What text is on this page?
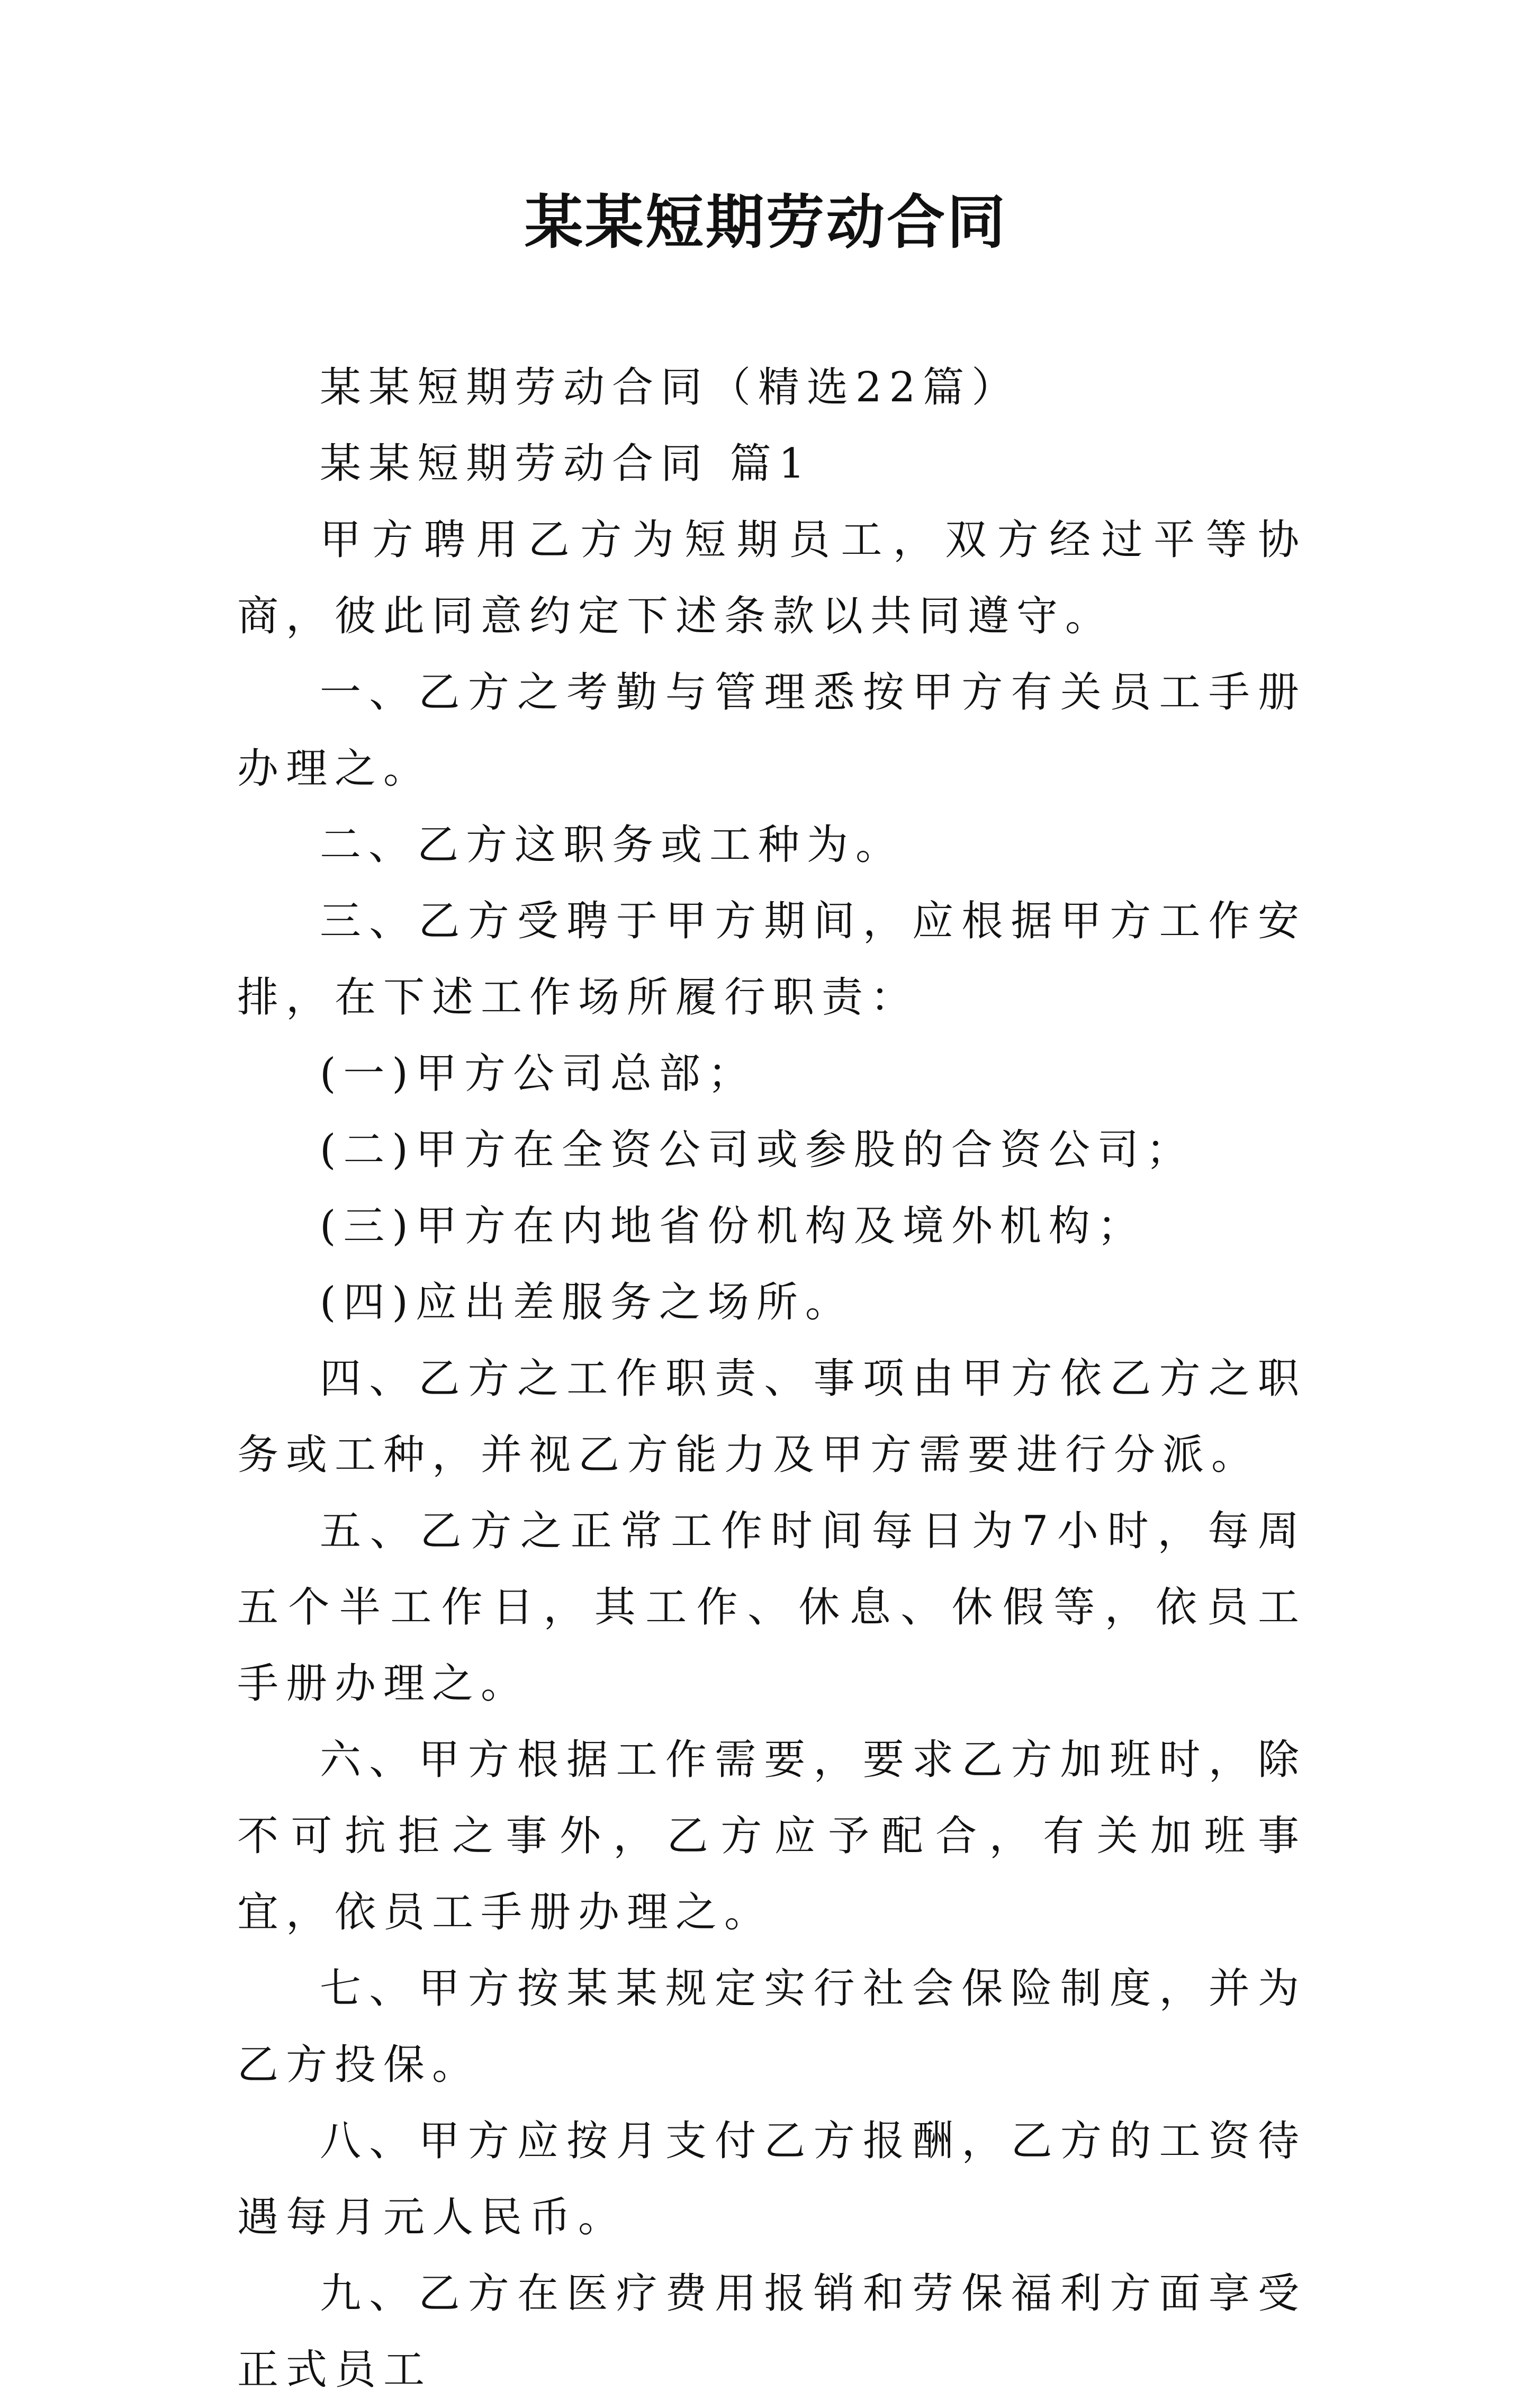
某某短期劳动合同

某某短期劳动合同（精选22篇）

某某短期劳动合同 篇1

甲方聘用乙方为短期员工，双方经过平等协商，彼此同意约定下述条款以共同遵守。

一、乙方之考勤与管理悉按甲方有关员工手册办理之。

二、乙方这职务或工种为。

三、乙方受聘于甲方期间，应根据甲方工作安排，在下述工作场所履行职责：

(一)甲方公司总部；

(二)甲方在全资公司或参股的合资公司；

(三)甲方在内地省份机构及境外机构；

(四)应出差服务之场所。

四、乙方之工作职责、事项由甲方依乙方之职务或工种，并视乙方能力及甲方需要进行分派。

五、乙方之正常工作时间每日为7小时，每周五个半工作日，其工作、休息、休假等，依员工手册办理之。

六、甲方根据工作需要，要求乙方加班时，除不可抗拒之事外，乙方应予配合，有关加班事宜，依员工手册办理之。

七、甲方按某某规定实行社会保险制度，并为乙方投保。

八、甲方应按月支付乙方报酬，乙方的工资待遇每月元人民币。

九、乙方在医疗费用报销和劳保福利方面享受正式员工
